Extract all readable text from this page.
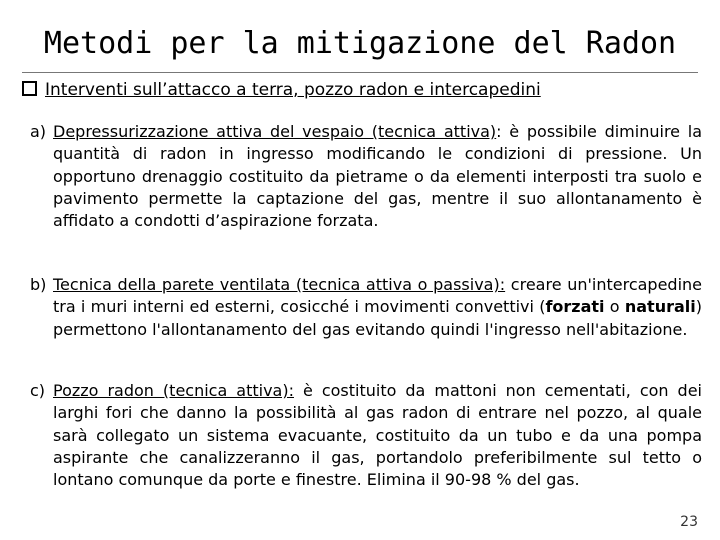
Metodi per la mitigazione del Radon
Interventi sull’attacco a terra, pozzo radon e intercapedini
a) Depressurizzazione attiva del vespaio (tecnica attiva): è possibile diminuire la quantità di radon in ingresso modificando le condizioni di pressione. Un opportuno drenaggio costituito da pietrame o da elementi interposti tra suolo e pavimento permette la captazione del gas, mentre il suo allontanamento è affidato a condotti d’aspirazione forzata.
b) Tecnica della parete ventilata (tecnica attiva o passiva): creare un'intercapedine tra i muri interni ed esterni, cosicché i movimenti convettivi (forzati o naturali) permettono l'allontanamento del gas evitando quindi l'ingresso nell'abitazione.
c) Pozzo radon (tecnica attiva): è costituito da mattoni non cementati, con dei larghi fori che danno la possibilità al gas radon di entrare nel pozzo, al quale sarà collegato un sistema evacuante, costituito da un tubo e da una pompa aspirante che canalizzeranno il gas, portandolo preferibilmente sul tetto o lontano comunque da porte e finestre. Elimina il 90-98 % del gas.
23
